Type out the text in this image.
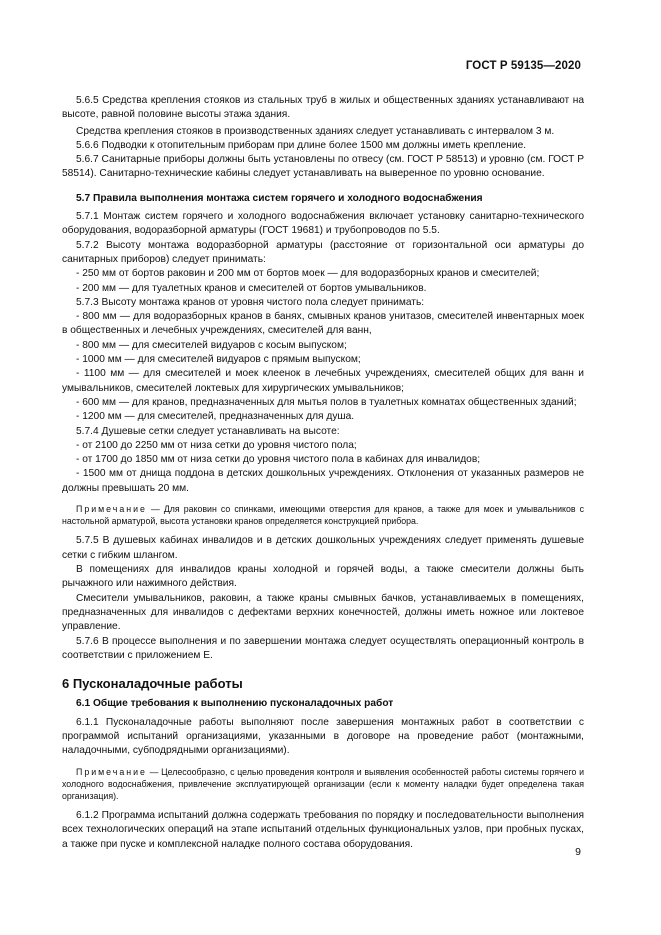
ГОСТ Р 59135—2020

5.6.5 Средства крепления стояков из стальных труб в жилых и общественных зданиях устанавливают на высоте, равной половине высоты этажа здания.

Средства крепления стояков в производственных зданиях следует устанавливать с интервалом 3 м.

5.6.6 Подводки к отопительным приборам при длине более 1500 мм должны иметь крепление.

5.6.7 Санитарные приборы должны быть установлены по отвесу (см. ГОСТ Р 58513) и уровню (см. ГОСТ Р 58514). Санитарно-технические кабины следует устанавливать на выверенное по уровню основание.

5.7 Правила выполнения монтажа систем горячего и холодного водоснабжения

5.7.1 Монтаж систем горячего и холодного водоснабжения включает установку санитарно-технического оборудования, водоразборной арматуры (ГОСТ 19681) и трубопроводов по 5.5.

5.7.2 Высоту монтажа водоразборной арматуры (расстояние от горизонтальной оси арматуры до санитарных приборов) следует принимать:

- 250 мм от бортов раковин и 200 мм от бортов моек — для водоразборных кранов и смесителей;

- 200 мм — для туалетных кранов и смесителей от бортов умывальников.

5.7.3 Высоту монтажа кранов от уровня чистого пола следует принимать:

- 800 мм — для водоразборных кранов в банях, смывных кранов унитазов, смесителей инвентарных моек в общественных и лечебных учреждениях, смесителей для ванн,

- 800 мм — для смесителей видуаров с косым выпуском;

- 1000 мм — для смесителей видуаров с прямым выпуском;

- 1100 мм — для смесителей и моек клеенок в лечебных учреждениях, смесителей общих для ванн и умывальников, смесителей локтевых для хирургических умывальников;

- 600 мм — для кранов, предназначенных для мытья полов в туалетных комнатах общественных зданий;

- 1200 мм — для смесителей, предназначенных для душа.

5.7.4 Душевые сетки следует устанавливать на высоте:

- от 2100 до 2250 мм от низа сетки до уровня чистого пола;

- от 1700 до 1850 мм от низа сетки до уровня чистого пола в кабинах для инвалидов;

- 1500 мм от днища поддона в детских дошкольных учреждениях. Отклонения от указанных размеров не должны превышать 20 мм.

Примечание — Для раковин со спинками, имеющими отверстия для кранов, а также для моек и умывальников с настольной арматурой, высота установки кранов определяется конструкцией прибора.

5.7.5 В душевых кабинах инвалидов и в детских дошкольных учреждениях следует применять душевые сетки с гибким шлангом.

В помещениях для инвалидов краны холодной и горячей воды, а также смесители должны быть рычажного или нажимного действия.

Смесители умывальников, раковин, а также краны смывных бачков, устанавливаемых в помещениях, предназначенных для инвалидов с дефектами верхних конечностей, должны иметь ножное или локтевое управление.

5.7.6 В процессе выполнения и по завершении монтажа следует осуществлять операционный контроль в соответствии с приложением Е.

6 Пусконаладочные работы

6.1 Общие требования к выполнению пусконаладочных работ

6.1.1 Пусконаладочные работы выполняют после завершения монтажных работ в соответствии с программой испытаний организациями, указанными в договоре на проведение работ (монтажными, наладочными, субподрядными организациями).

Примечание — Целесообразно, с целью проведения контроля и выявления особенностей работы системы горячего и холодного водоснабжения, привлечение эксплуатирующей организации (если к моменту наладки будет определена такая организация).

6.1.2 Программа испытаний должна содержать требования по порядку и последовательности выполнения всех технологических операций на этапе испытаний отдельных функциональных узлов, при пробных пусках, а также при пуске и комплексной наладке полного состава оборудования.

9
